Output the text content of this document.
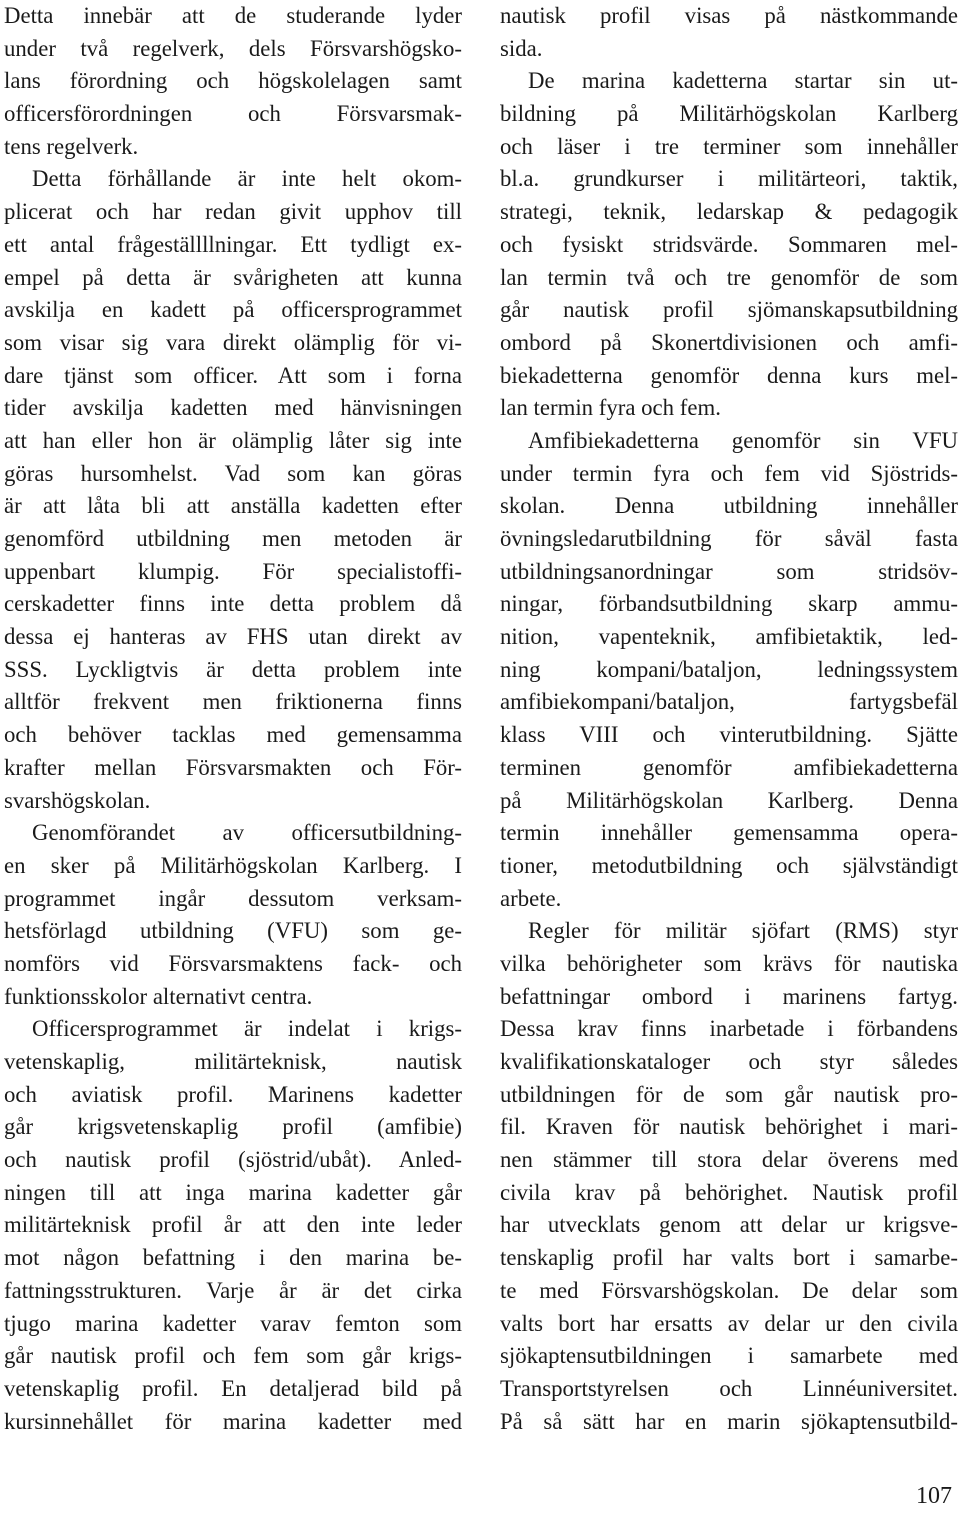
Detta innebär att de studerande lyder
under två regelverk, dels Försvarshögsko-
lans förordning och högskolelagen samt
officersförordningen och Försvarsmak-
tens regelverk.
Detta förhållande är inte helt okom-
plicerat och har redan givit upphov till
ett antal frågeställllningar. Ett tydligt ex-
empel på detta är svårigheten att kunna
avskilja en kadett på officersprogrammet
som visar sig vara direkt olämplig för vi-
dare tjänst som officer. Att som i forna
tider avskilja kadetten med hänvisningen
att han eller hon är olämplig låter sig inte
göras hursomhelst. Vad som kan göras
är att låta bli att anställa kadetten efter
genomförd utbildning men metoden är
uppenbart klumpig. För specialistoffi-
cerskadetter finns inte detta problem då
dessa ej hanteras av FHS utan direkt av
SSS. Lyckligtvis är detta problem inte
alltför frekvent men friktionerna finns
och behöver tacklas med gemensamma
krafter mellan Försvarsmakten och För-
svarshögskolan.
Genomförandet av officersutbildning-
en sker på Militärhögskolan Karlberg. I
programmet ingår dessutom verksam-
hetsförlagd utbildning (VFU) som ge-
nomförs vid Försvarsmaktens fack- och
funktionsskolor alternativt centra.
Officersprogrammet är indelat i krigs-
vetenskaplig, militärteknisk, nautisk
och aviatisk profil. Marinens kadetter
går krigsvetenskaplig profil (amfibie)
och nautisk profil (sjöstrid/ubåt). Anled-
ningen till att inga marina kadetter går
militärteknisk profil år att den inte leder
mot någon befattning i den marina be-
fattningsstrukturen. Varje år är det cirka
tjugo marina kadetter varav femton som
går nautisk profil och fem som går krigs-
vetenskaplig profil. En detaljerad bild på
kursinnehållet för marina kadetter med
nautisk profil visas på nästkommande
sida.
De marina kadetterna startar sin ut-
bildning på Militärhögskolan Karlberg
och läser i tre terminer som innehåller
bl.a. grundkurser i militärteori, taktik,
strategi, teknik, ledarskap & pedagogik
och fysiskt stridsvärde. Sommaren mel-
lan termin två och tre genomför de som
går nautisk profil sjömanskapsutbildning
ombord på Skonertdivisionen och amfi-
biekadetterna genomför denna kurs mel-
lan termin fyra och fem.
Amfibiekadetterna genomför sin VFU
under termin fyra och fem vid Sjöstrids-
skolan. Denna utbildning innehåller
övningsledarutbildning för såväl fasta
utbildningsanordningar som stridsöv-
ningar, förbandsutbildning skarp ammu-
nition, vapenteknik, amfibietaktik, led-
ning kompani/bataljon, ledningssystem
amfibiekompani/bataljon, fartygsbefäl
klass VIII och vinterutbildning. Sjätte
terminen genomför amfibiekadetterna
på Militärhögskolan Karlberg. Denna
termin innehåller gemensamma opera-
tioner, metodutbildning och självständigt
arbete.
Regler för militär sjöfart (RMS) styr
vilka behörigheter som krävs för nautiska
befattningar ombord i marinens fartyg.
Dessa krav finns inarbetade i förbandens
kvalifikationskataloger och styr således
utbildningen för de som går nautisk pro-
fil. Kraven för nautisk behörighet i mari-
nen stämmer till stora delar överens med
civila krav på behörighet. Nautisk profil
har utvecklats genom att delar ur krigsve-
tenskaplig profil har valts bort i samarbe-
te med Försvarshögskolan. De delar som
valts bort har ersatts av delar ur den civila
sjökaptensutbildningen i samarbete med
Transportstyrelsen och Linnéuniversitet.
På så sätt har en marin sjökaptensutbild-
107
